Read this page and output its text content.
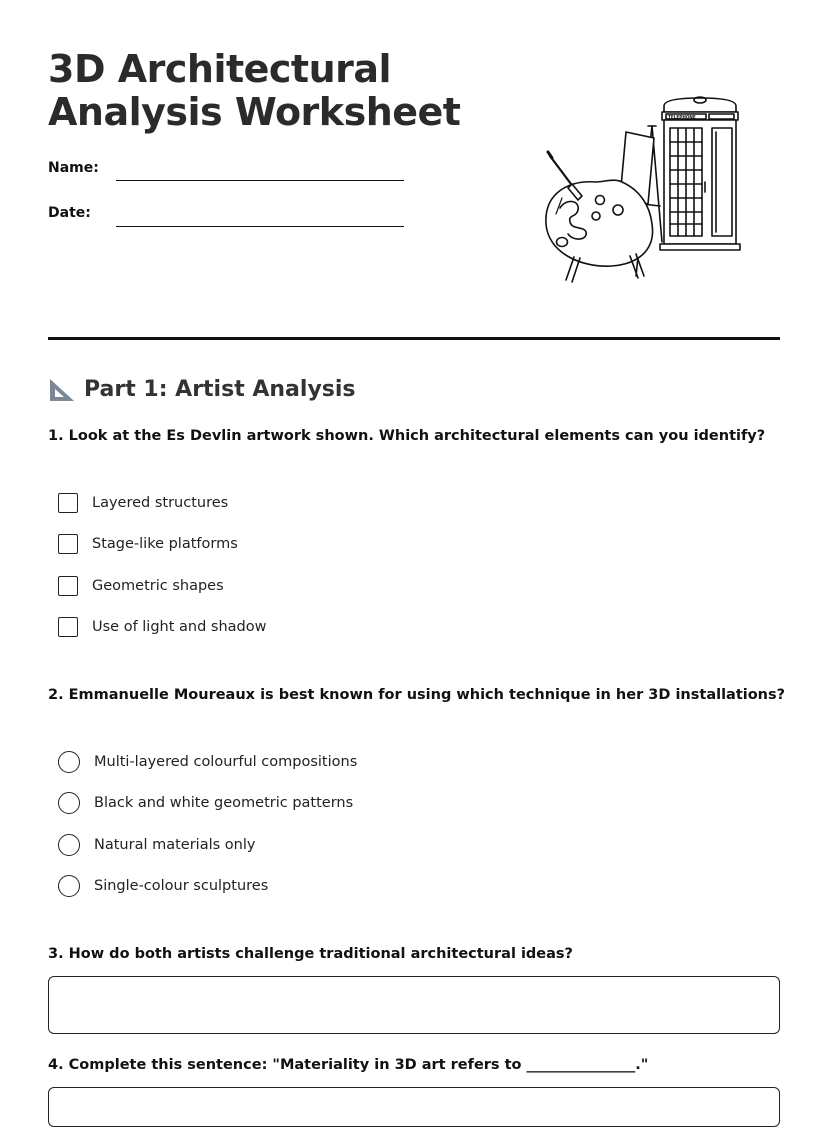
3D Architectural
Analysis Worksheet
Name:
Date:
TELEPHONE
Part 1: Artist Analysis
1. Look at the Es Devlin artwork shown. Which architectural elements can you identify?
Layered structures
Stage-like platforms
Geometric shapes
Use of light and shadow
2. Emmanuelle Moureaux is best known for using which technique in her 3D installations?
Multi-layered colourful compositions
Black and white geometric patterns
Natural materials only
Single-colour sculptures
3. How do both artists challenge traditional architectural ideas?
4. Complete this sentence: "Materiality in 3D art refers to _______________."
